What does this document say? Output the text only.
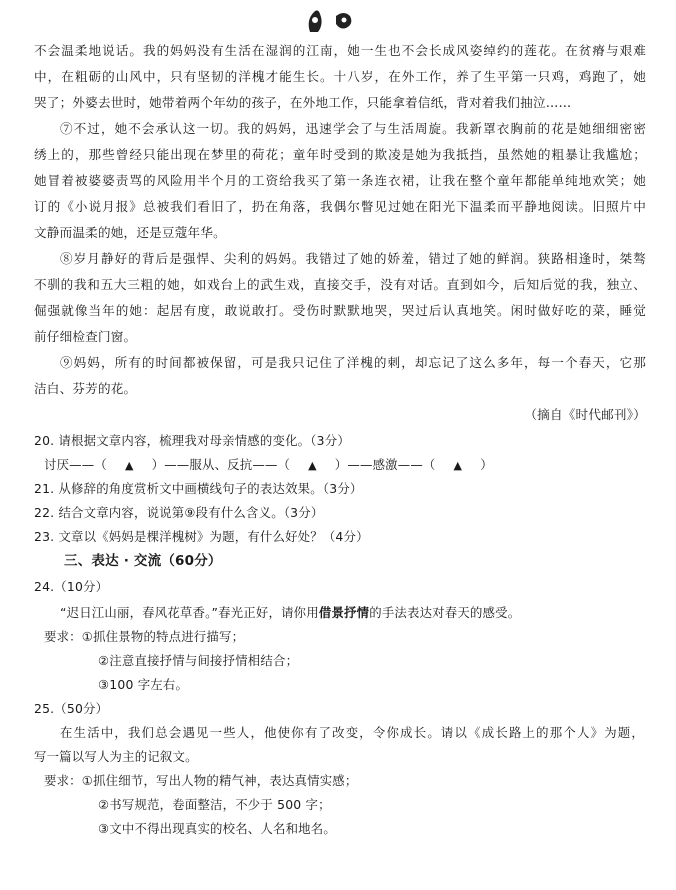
不会温柔地说话。我的妈妈没有生活在湿润的江南，她一生也不会长成风姿绰约的莲花。在贫瘠与艰难

中，在粗砺的山风中，只有坚韧的洋槐才能生长。十八岁，在外工作，养了生平第一只鸡，鸡跑了，她

哭了；外婆去世时，她带着两个年幼的孩子，在外地工作，只能拿着信纸，背对着我们抽泣……

⑦不过，她不会承认这一切。我的妈妈，迅速学会了与生活周旋。我新罩衣胸前的花是她细细密密

绣上的，那些曾经只能出现在梦里的荷花；童年时受到的欺凌是她为我抵挡，虽然她的粗暴让我尴尬；

她冒着被婆婆责骂的风险用半个月的工资给我买了第一条连衣裙，让我在整个童年都能单纯地欢笑；她

订的《小说月报》总被我们看旧了，扔在角落，我偶尔瞥见过她在阳光下温柔而平静地阅读。旧照片中

文静而温柔的她，还是豆蔻年华。

⑧岁月静好的背后是强悍、尖利的妈妈。我错过了她的娇羞，错过了她的鲜润。狭路相逢时，桀骜

不驯的我和五大三粗的她，如戏台上的武生戏，直接交手，没有对话。直到如今，后知后觉的我，独立、

倔强就像当年的她：起居有度，敢说敢打。受伤时默默地哭，哭过后认真地笑。闲时做好吃的菜，睡觉

前仔细检查门窗。

⑨妈妈，所有的时间都被保留，可是我只记住了洋槐的刺，却忘记了这么多年，每一个春天，它那

洁白、芬芳的花。

（摘自《时代邮刊》）

20. 请根据文章内容，梳理我对母亲情感的变化。（3分）

讨厌——（ ▲ ）——服从、反抗——（ ▲ ）——感激——（ ▲ ）

21. 从修辞的角度赏析文中画横线句子的表达效果。（3分）

22. 结合文章内容，说说第⑨段有什么含义。（3分）

23. 文章以《妈妈是棵洋槐树》为题，有什么好处？（4分）

三、表达 · 交流（60分）

24.（10分）

“迟日江山丽，春风花草香。”春光正好，请你用借景抒情的手法表达对春天的感受。

要求：①抓住景物的特点进行描写；

②注意直接抒情与间接抒情相结合；

③100 字左右。

25.（50分）

在生活中，我们总会遇见一些人，他使你有了改变，令你成长。请以《成长路上的那个人》为题，

写一篇以写人为主的记叙文。

要求：①抓住细节，写出人物的精气神，表达真情实感；

②书写规范，卷面整洁，不少于 500 字；

③文中不得出现真实的校名、人名和地名。
